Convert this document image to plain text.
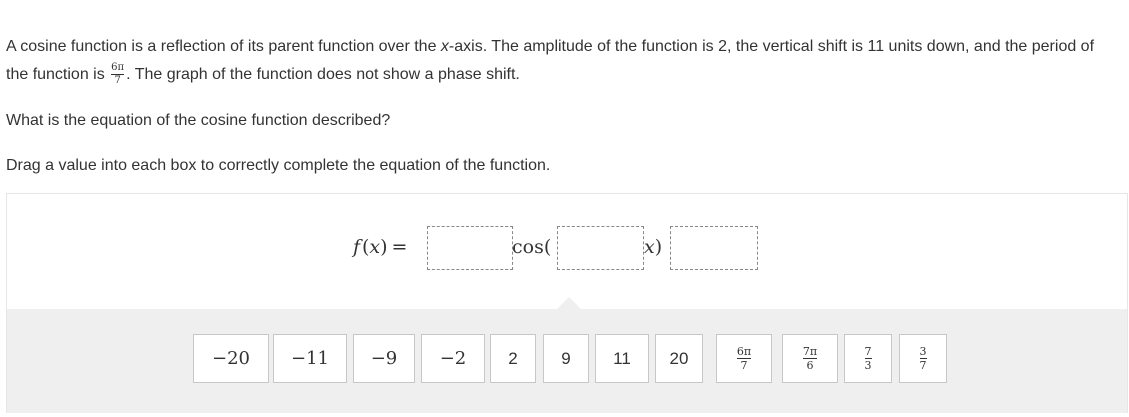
A cosine function is a reflection of its parent function over the x-axis. The amplitude of the function is 2, the vertical shift is 11 units down, and the period of the function is $\frac{6\pi}{7}$ . The graph of the function does not show a phase shift.
What is the equation of the cosine function described?
Drag a value into each box to correctly complete the equation of the function.
f  (x) =	cos(	x)
−20 −11 −9 −2 2	9 11 20	$\frac{6\pi}{7}$	$\frac{7\pi}{6}$	$\frac{7}{3}$	$\frac{3}{7}$
